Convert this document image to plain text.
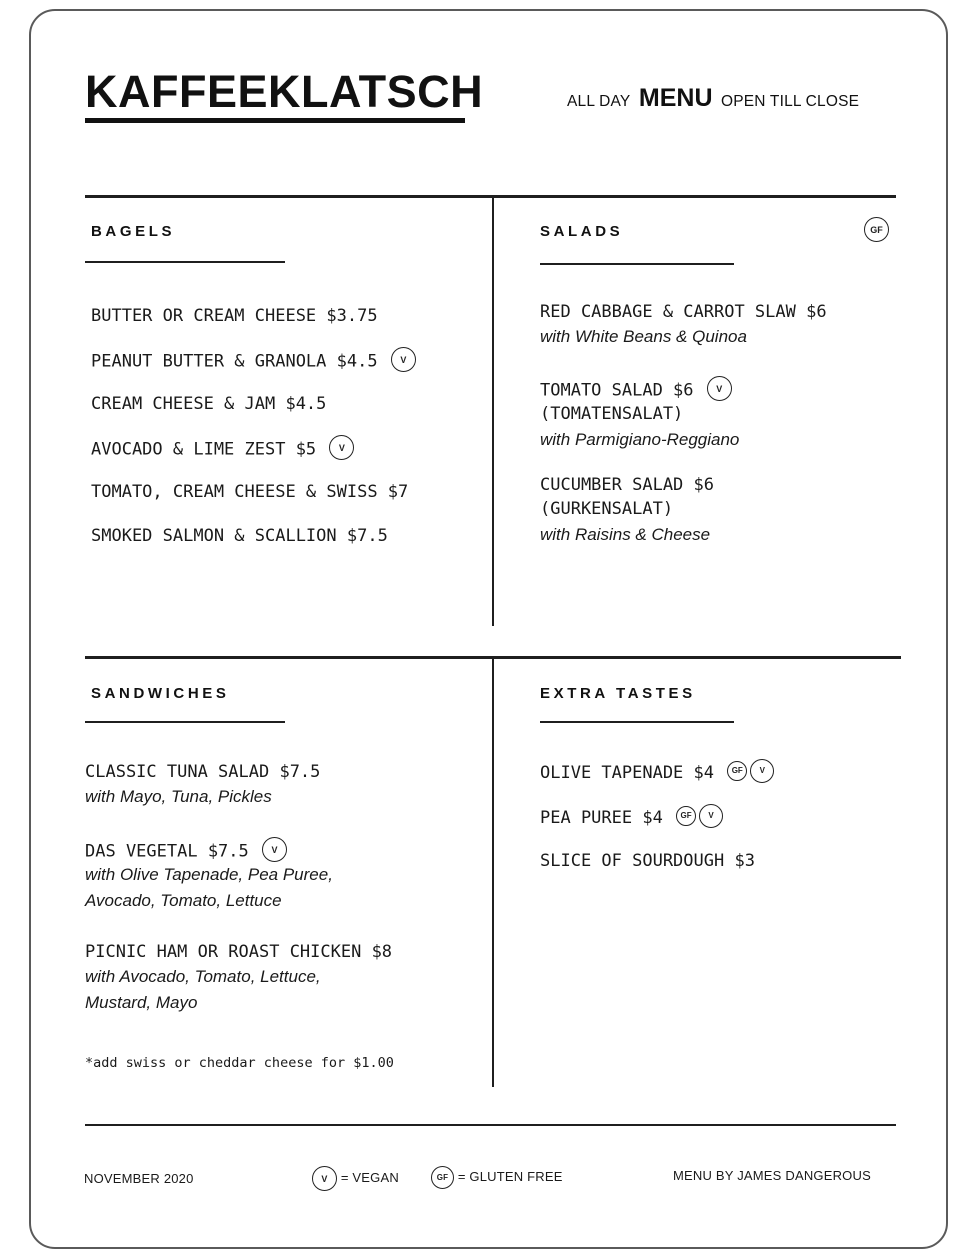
KAFFEEKLATSCH	ALL DAY MENU OPEN TILL CLOSE
BAGELS
BUTTER OR CREAM CHEESE $3.75
PEANUT BUTTER & GRANOLA $4.5	V
CREAM CHEESE & JAM $4.5
AVOCADO & LIME ZEST $5	V
TOMATO, CREAM CHEESE & SWISS $7
SMOKED SALMON & SCALLION $7.5
SALADS	GF
RED CABBAGE & CARROT SLAW $6
with White Beans & Quinoa
TOMATO SALAD $6	V
(TOMATENSALAT)
with Parmigiano-Reggiano
CUCUMBER SALAD $6
(GURKENSALAT)
with Raisins & Cheese
SANDWICHES
CLASSIC TUNA SALAD $7.5
with Mayo, Tuna, Pickles
DAS VEGETAL $7.5	V
with Olive Tapenade, Pea Puree,
Avocado, Tomato, Lettuce
PICNIC HAM OR ROAST CHICKEN $8
with Avocado, Tomato, Lettuce,
Mustard, Mayo
*add swiss or cheddar cheese for $1.00
EXTRA TASTES
OLIVE TAPENADE $4 GF V
PEA PUREE $4 GF V
SLICE OF SOURDOUGH $3
NOVEMBER 2020	V = VEGAN	GF = GLUTEN FREE	MENU BY JAMES DANGEROUS
